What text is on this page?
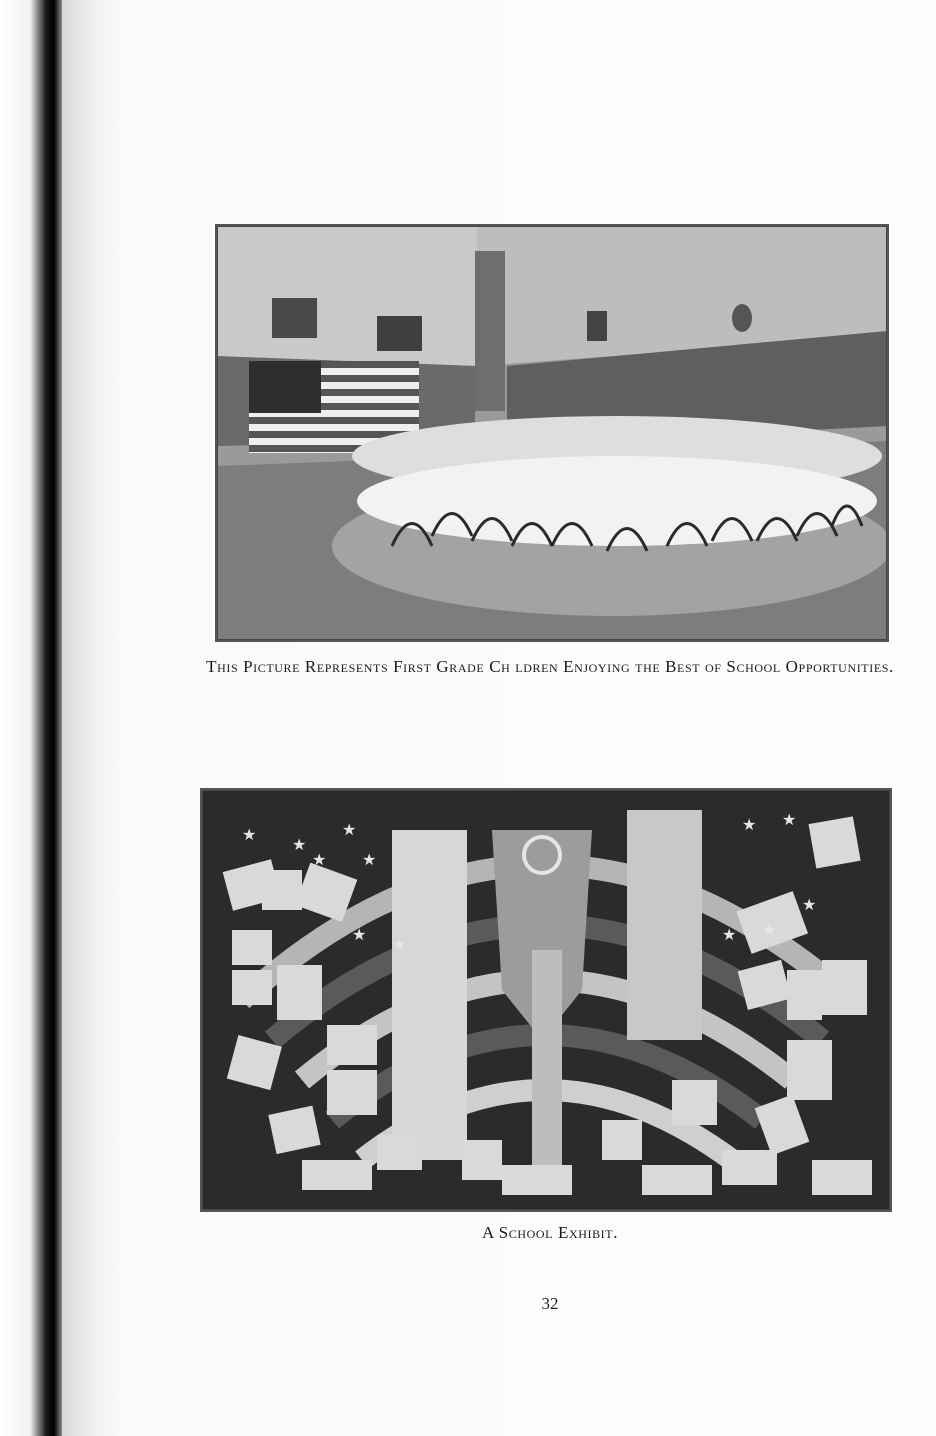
This Picture Represents First Grade Ch ldren Enjoying the Best of School Opportunities.
★
★
★
★ ★
★ ★
★ ★
★
★
★
A School Exhibit.
32
